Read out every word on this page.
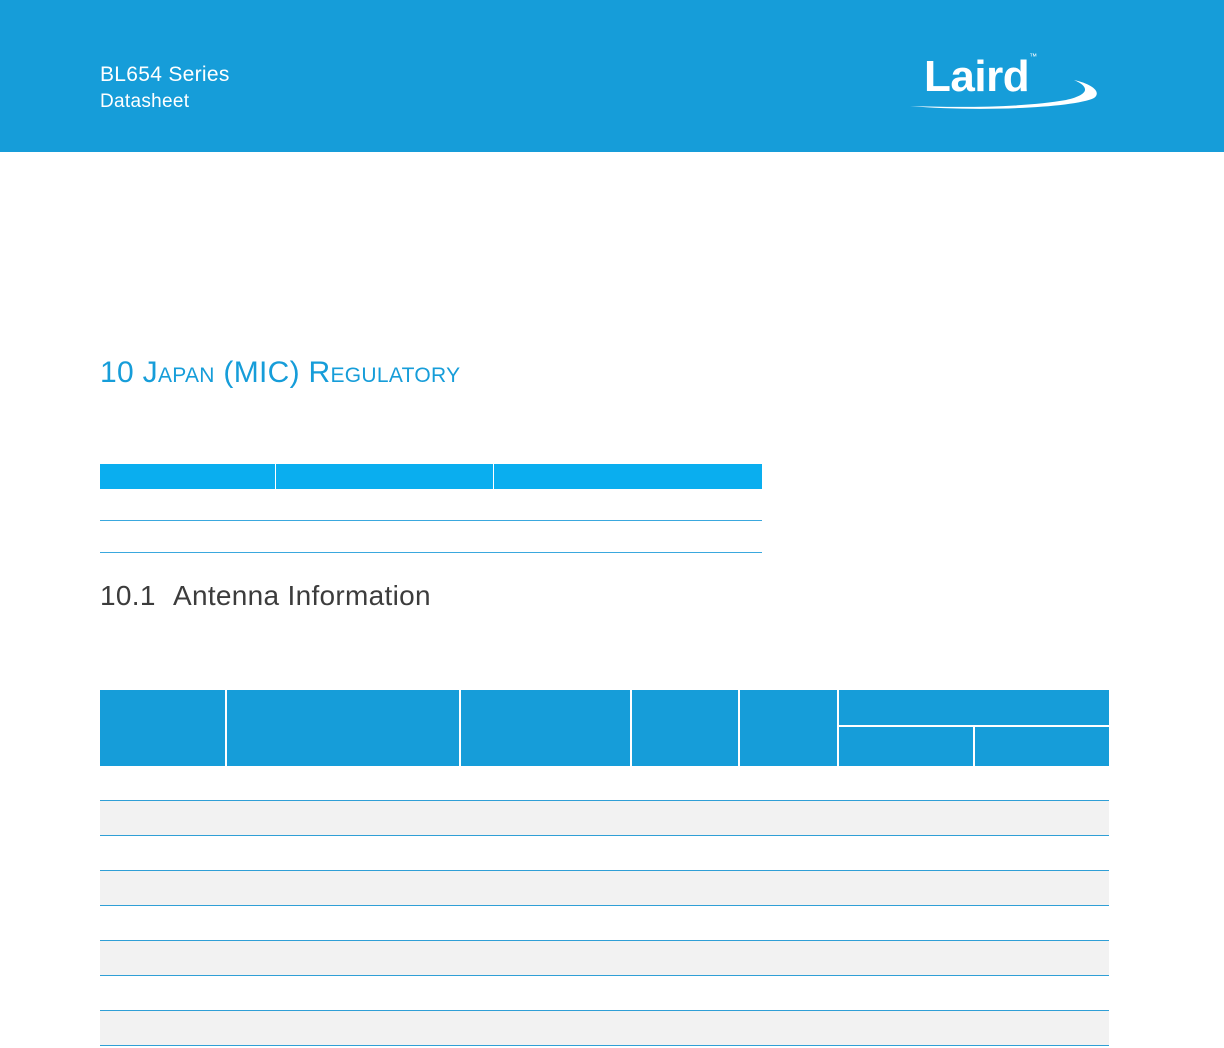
BL654 Series
Datasheet
Laird™
10 Japan (MIC) Regulatory
10.1 Antenna Information
